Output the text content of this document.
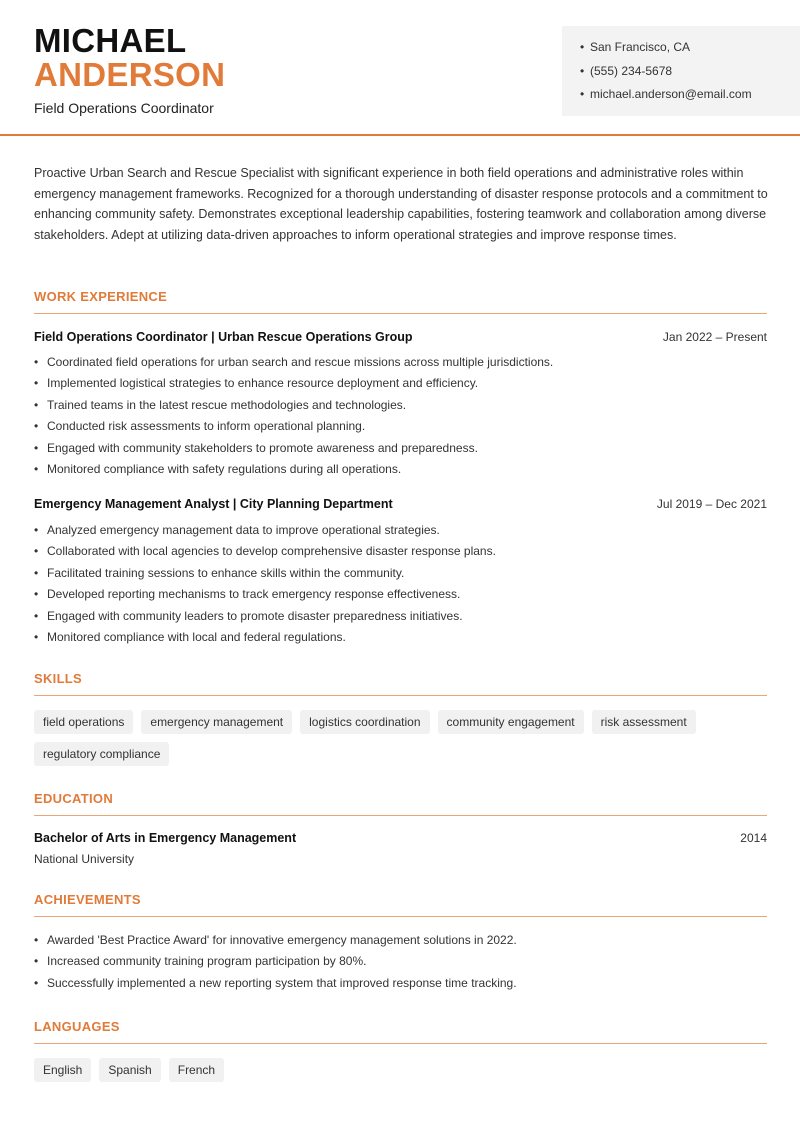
MICHAEL
ANDERSON
Field Operations Coordinator
• San Francisco, CA
• (555) 234-5678
• michael.anderson@email.com
Proactive Urban Search and Rescue Specialist with significant experience in both field operations and administrative roles within emergency management frameworks. Recognized for a thorough understanding of disaster response protocols and a commitment to enhancing community safety. Demonstrates exceptional leadership capabilities, fostering teamwork and collaboration among diverse stakeholders. Adept at utilizing data-driven approaches to inform operational strategies and improve response times.
WORK EXPERIENCE
Field Operations Coordinator | Urban Rescue Operations Group	Jan 2022 – Present
• Coordinated field operations for urban search and rescue missions across multiple jurisdictions.
• Implemented logistical strategies to enhance resource deployment and efficiency.
• Trained teams in the latest rescue methodologies and technologies.
• Conducted risk assessments to inform operational planning.
• Engaged with community stakeholders to promote awareness and preparedness.
• Monitored compliance with safety regulations during all operations.
Emergency Management Analyst | City Planning Department	Jul 2019 – Dec 2021
• Analyzed emergency management data to improve operational strategies.
• Collaborated with local agencies to develop comprehensive disaster response plans.
• Facilitated training sessions to enhance skills within the community.
• Developed reporting mechanisms to track emergency response effectiveness.
• Engaged with community leaders to promote disaster preparedness initiatives.
• Monitored compliance with local and federal regulations.
SKILLS
field operations	emergency management	logistics coordination	community engagement	risk assessment
regulatory compliance
EDUCATION
Bachelor of Arts in Emergency Management	2014
National University
ACHIEVEMENTS
• Awarded 'Best Practice Award' for innovative emergency management solutions in 2022.
• Increased community training program participation by 80%.
• Successfully implemented a new reporting system that improved response time tracking.
LANGUAGES
English	Spanish	French
